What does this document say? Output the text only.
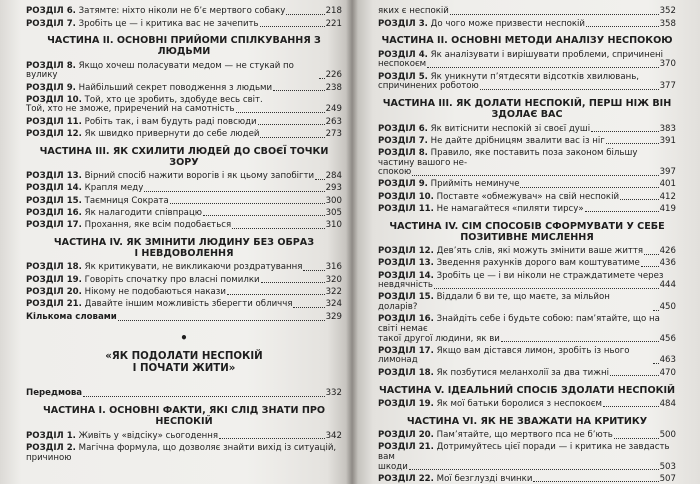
РОЗДІЛ 6. Затямте: ніхто ніколи не б’є мертвого собаку	218
РОЗДІЛ 7. Зробіть це — і критика вас не зачепить	221
ЧАСТИНА ІІ. ОСНОВНІ ПРИЙОМИ СПІЛКУВАННЯ З ЛЮДЬМИ
РОЗДІЛ 8. Якщо хочеш поласувати медом — не стукай по вулику	226
РОЗДІЛ 9. Найбільший секрет поводження з людьми	238
РОЗДІЛ 10. Той, хто це зробить, здобуде весь світ.
Той, хто не зможе, приречений на самотність	249
РОЗДІЛ 11. Робіть так, і вам будуть раді повсюди	263
РОЗДІЛ 12. Як швидко привернути до себе людей	273
ЧАСТИНА ІІІ. ЯК СХИЛИТИ ЛЮДЕЙ ДО СВОЄЇ ТОЧКИ ЗОРУ
РОЗДІЛ 13. Вірний спосіб нажити ворогів і як цьому запобігти 284
РОЗДІЛ 14. Крапля меду	293
РОЗДІЛ 15. Таємниця Сократа	300
РОЗДІЛ 16. Як налагодити співпрацю	305
РОЗДІЛ 17. Прохання, яке всім подобається	310
ЧАСТИНА IV. ЯК ЗМІНИТИ ЛЮДИНУ БЕЗ ОБРАЗ
І НЕВДОВОЛЕННЯ
РОЗДІЛ 18. Як критикувати, не викликаючи роздратування	316
РОЗДІЛ 19. Говоріть спочатку про власні помилки	320
РОЗДІЛ 20. Нікому не подобаються накази	322
РОЗДІЛ 21. Давайте іншим можливість зберегти обличчя	324
Кількома словами	329
•
«ЯК ПОДОЛАТИ НЕСПОКІЙ
І ПОЧАТИ ЖИТИ»
Передмова	332
ЧАСТИНА І. ОСНОВНІ ФАКТИ, ЯКІ СЛІД ЗНАТИ ПРО НЕСПОКІЙ
РОЗДІЛ 1. Живіть у «відсіку» сьогодення	342
РОЗДІЛ 2. Магічна формула, що дозволяє знайти вихід із ситуацій, причиною
яких є неспокій	352
РОЗДІЛ 3. До чого може призвести неспокій	358
ЧАСТИНА ІІ. ОСНОВНІ МЕТОДИ АНАЛІЗУ НЕСПОКОЮ
РОЗДІЛ 4. Як аналізувати і вирішувати проблеми, спричинені
неспокоєм	370
РОЗДІЛ 5. Як уникнути п’ятдесяти відсотків хвилювань,
спричинених роботою	377
ЧАСТИНА ІІІ. ЯК ДОЛАТИ НЕСПОКІЙ, ПЕРШ НІЖ ВІН ЗДОЛАЄ ВАС
РОЗДІЛ 6. Як витіснити неспокій зі своєї душі	383
РОЗДІЛ 7. Не дайте дрібницям звалити вас із ніг	391
РОЗДІЛ 8. Правило, яке поставить поза законом більшу частину вашого не-
спокою	397
РОЗДІЛ 9. Прийміть неминуче	401
РОЗДІЛ 10. Поставте «обмежувач» на свій неспокій	412
РОЗДІЛ 11. Не намагайтеся «пиляти тирсу»	419
ЧАСТИНА IV. СІМ СПОСОБІВ СФОРМУВАТИ У СЕБЕ
ПОЗИТИВНЕ МИСЛЕННЯ
РОЗДІЛ 12. Дев’ять слів, які можуть змінити ваше життя 426
РОЗДІЛ 13. Зведення рахунків дорого вам коштуватиме 436
РОЗДІЛ 14. Зробіть це — і ви ніколи не страждатимете через
невдячність	444
РОЗДІЛ 15. Віддали б ви те, що маєте, за мільйон доларів?	450
РОЗДІЛ 16. Знайдіть себе і будьте собою: пам’ятайте, що на світі немає
такої другої людини, як ви	456
РОЗДІЛ 17. Якщо вам дістався лимон, зробіть із нього лимонад	463
РОЗДІЛ 18. Як позбутися меланхолії за два тижні	470
ЧАСТИНА V. ІДЕАЛЬНИЙ СПОСІБ ЗДОЛАТИ НЕСПОКІЙ
РОЗДІЛ 19. Як мої батьки боролися з неспокоєм	484
ЧАСТИНА VI. ЯК НЕ ЗВАЖАТИ НА КРИТИКУ
РОЗДІЛ 20. Пам’ятайте, що мертвого пса не б’ють	500
РОЗДІЛ 21. Дотримуйтесь цієї поради — і критика не завдасть вам
шкоди	503
РОЗДІЛ 22. Мої безглузді вчинки	507
